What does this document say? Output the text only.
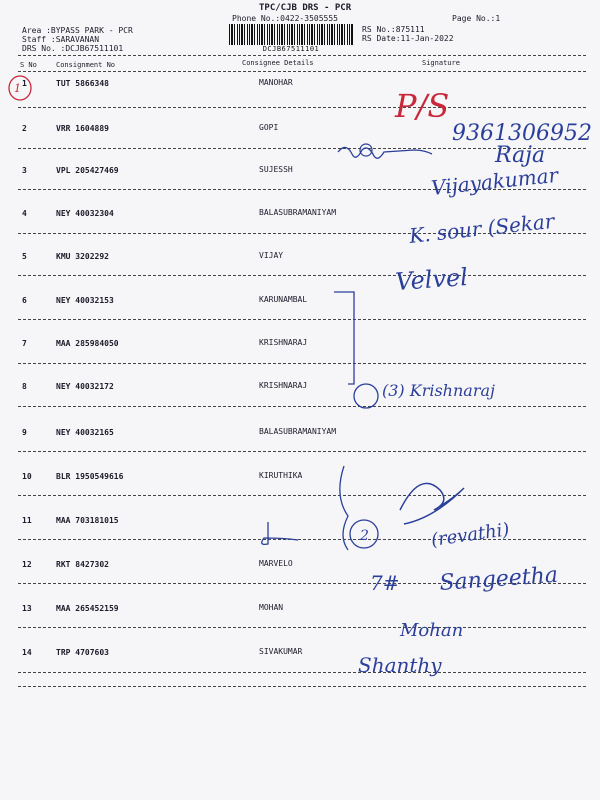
TPC/CJB DRS - PCR
Phone No.:0422-3505555	Page No.:1
Area :BYPASS PARK - PCR
Staff :SARAVANAN
DRS No. :DCJB67511101	DCJB67511101
RS No.:875111
RS Date:11-Jan-2022
S No	Consignment No	Consignee Details	Signature
1	TUT 5866348	MANOHAR
2	VRR 1604889	GOPI
3	VPL 205427469	SUJESSH
4	NEY 40032304	BALASUBRAMANIYAM
5	KMU 3202292	VIJAY
6	NEY 40032153	KARUNAMBAL
7	MAA 285984050	KRISHNARAJ
8	NEY 40032172	KRISHNARAJ
9	NEY 40032165	BALASUBRAMANIYAM
10	BLR 1950549616	KIRUTHIKA
11	MAA 703181015
12	RKT 8427302	MARVELO
13	MAA 265452159	MOHAN
14	TRP 4707603	SIVAKUMAR
1	P/S
9361306952
Raja
Vijayakumar
K. sour (Sekar
Velvel
(3) Krishnaraj
2	(revathi)
7# Sangeetha
Mohan
Shanthy
